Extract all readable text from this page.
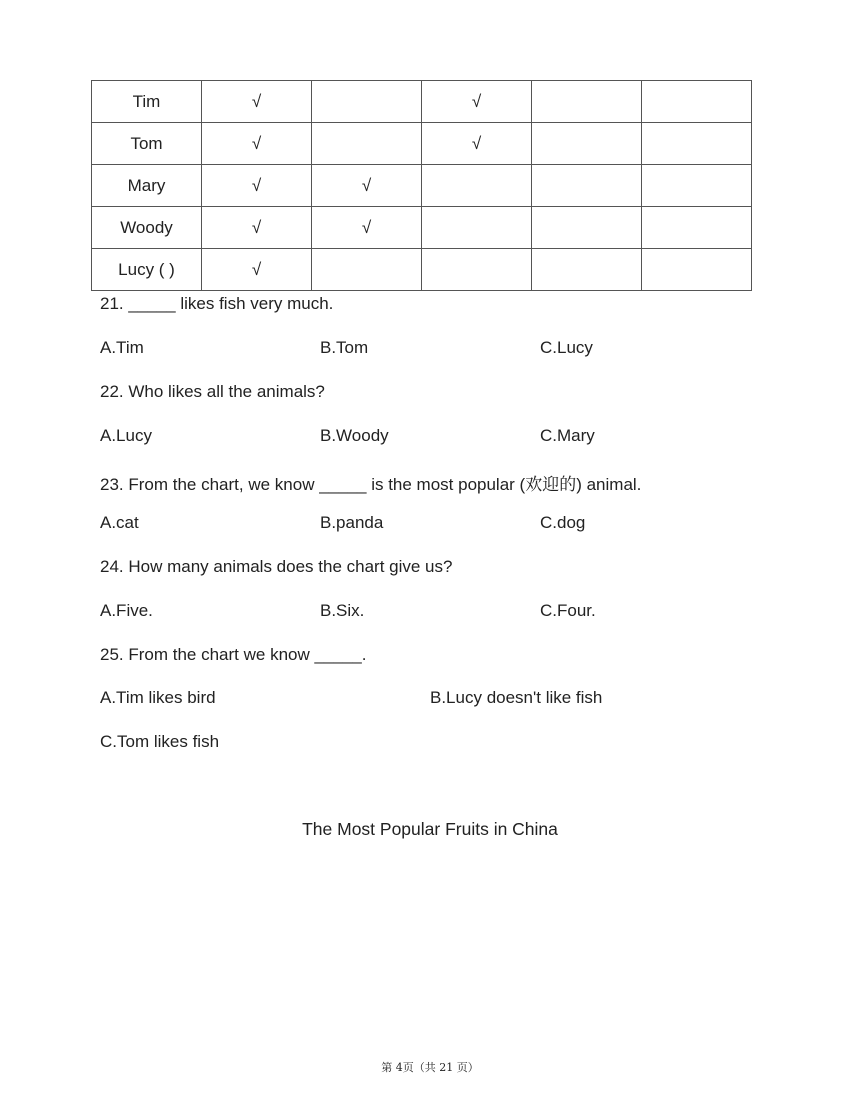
Tim	√		√		
Tom	√		√		
Mary	√	√			
Woody	√	√			
Lucy ( )	√				
21. _____ likes fish very much.
A.Tim	B.Tom	C.Lucy
22. Who likes all the animals?
A.Lucy	B.Woody	C.Mary
23. From the chart, we know _____ is the most popular (欢迎的) animal.
A.cat	B.panda	C.dog
24. How many animals does the chart give us?
A.Five.	B.Six.	C.Four.
25. From the chart we know _____.
A.Tim likes bird	B.Lucy doesn't like fish
C.Tom likes fish
The Most Popular Fruits in China
第 4页（共 21 页）
